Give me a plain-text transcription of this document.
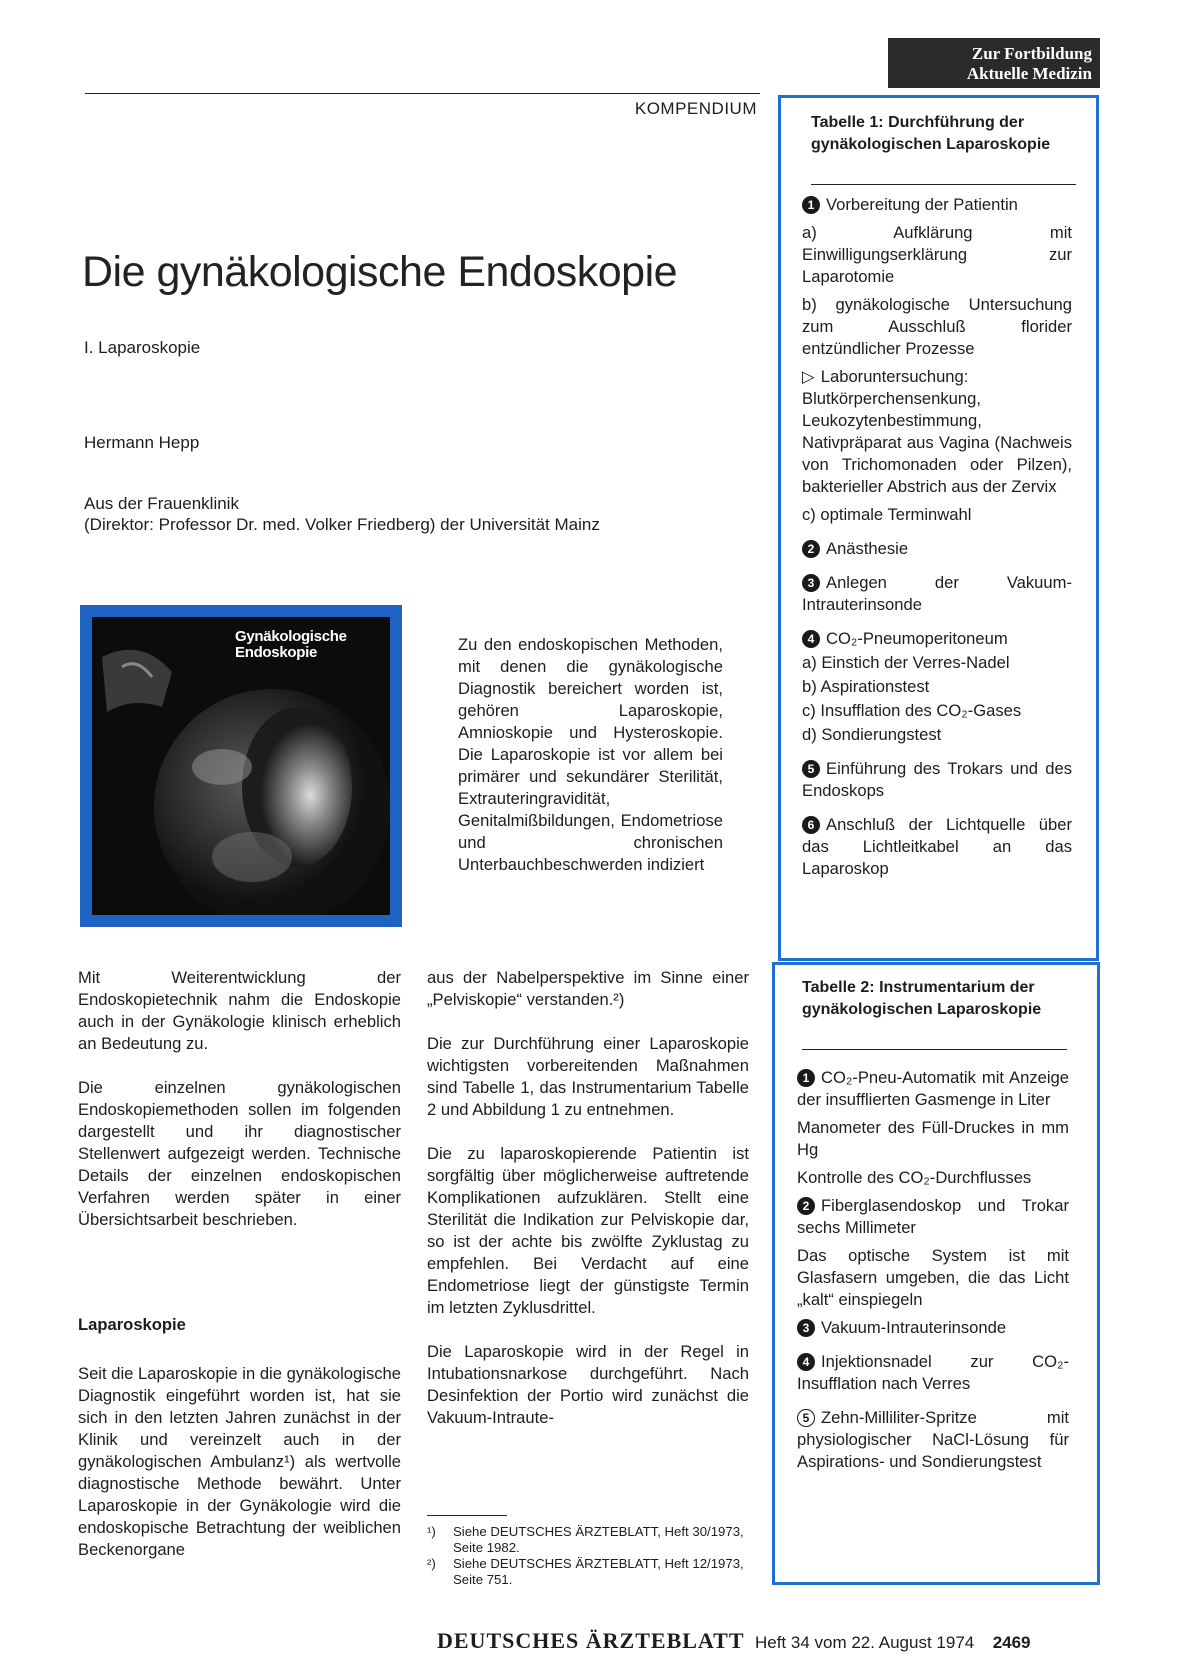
Zur Fortbildung
Aktuelle Medizin
KOMPENDIUM
Die gynäkologische Endoskopie
I. Laparoskopie
Hermann Hepp
Aus der Frauenklinik
(Direktor: Professor Dr. med. Volker Friedberg) der Universität Mainz
Gynäkologische
Endoskopie	Zu den endoskopischen Methoden, mit denen die gynäkologische Diagnostik bereichert worden ist, gehören Laparoskopie, Amnioskopie und Hysteroskopie. Die Laparoskopie ist vor allem bei primärer und sekundärer Sterilität, Extrauteringravidität, Genitalmißbildungen, Endometriose und chronischen Unterbauchbeschwerden indiziert

Mit Weiterentwicklung der Endoskopietechnik nahm die Endoskopie auch in der Gynäkologie klinisch erheblich an Bedeutung zu.

Die einzelnen gynäkologischen Endoskopiemethoden sollen im folgenden dargestellt und ihr diagnostischer Stellenwert aufgezeigt werden. Technische Details der einzelnen endoskopischen Verfahren werden später in einer Übersichtsarbeit beschrieben.

Laparoskopie

Seit die Laparoskopie in die gynäkologische Diagnostik eingeführt worden ist, hat sie sich in den letzten Jahren zunächst in der Klinik und vereinzelt auch in der gynäkologischen Ambulanz¹) als wertvolle diagnostische Methode bewährt. Unter Laparoskopie in der Gynäkologie wird die endoskopische Betrachtung der weiblichen Beckenorgane

aus der Nabelperspektive im Sinne einer „Pelviskopie“ verstanden.²)

Die zur Durchführung einer Laparoskopie wichtigsten vorbereitenden Maßnahmen sind Tabelle 1, das Instrumentarium Tabelle 2 und Abbildung 1 zu entnehmen.

Die zu laparoskopierende Patientin ist sorgfältig über möglicherweise auftretende Komplikationen aufzuklären. Stellt eine Sterilität die Indikation zur Pelviskopie dar, so ist der achte bis zwölfte Zyklustag zu empfehlen. Bei Verdacht auf eine Endometriose liegt der günstigste Termin im letzten Zyklusdrittel.

Die Laparoskopie wird in der Regel in Intubationsnarkose durchgeführt. Nach Desinfektion der Portio wird zunächst die Vakuum-Intraute-

¹)	Siehe DEUTSCHES ÄRZTEBLATT, Heft 30/1973, Seite 1982.
²)	Siehe DEUTSCHES ÄRZTEBLATT, Heft 12/1973, Seite 751.
Tabelle 1: Durchführung der gynäkologischen Laparoskopie
1 Vorbereitung der Patientin
a) Aufklärung mit Einwilligungserklärung zur Laparotomie
b) gynäkologische Untersuchung zum Ausschluß florider entzündlicher Prozesse
▷ Laboruntersuchung: Blutkörperchensenkung, Leukozytenbestimmung, Nativpräparat aus Vagina (Nachweis von Trichomonaden oder Pilzen), bakterieller Abstrich aus der Zervix
c) optimale Terminwahl
2 Anästhesie
3 Anlegen der Vakuum-Intrauterinsonde
4 CO₂-Pneumoperitoneum
a) Einstich der Verres-Nadel
b) Aspirationstest
c) Insufflation des CO₂-Gases
d) Sondierungstest
5 Einführung des Trokars und des Endoskops
6 Anschluß der Lichtquelle über das Lichtleitkabel an das Laparoskop
Tabelle 2: Instrumentarium der gynäkologischen Laparoskopie
1 CO₂-Pneu-Automatik mit Anzeige der insufflierten Gasmenge in Liter
Manometer des Füll-Druckes in mm Hg
Kontrolle des CO₂-Durchflusses
2 Fiberglasendoskop und Trokar sechs Millimeter
Das optische System ist mit Glasfasern umgeben, die das Licht „kalt“ einspiegeln
3 Vakuum-Intrauterinsonde
4 Injektionsnadel zur CO₂-Insufflation nach Verres
5 Zehn-Milliliter-Spritze mit physiologischer NaCl-Lösung für Aspirations- und Sondierungstest
DEUTSCHES ÄRZTEBLATT Heft 34 vom 22. August 1974 2469
